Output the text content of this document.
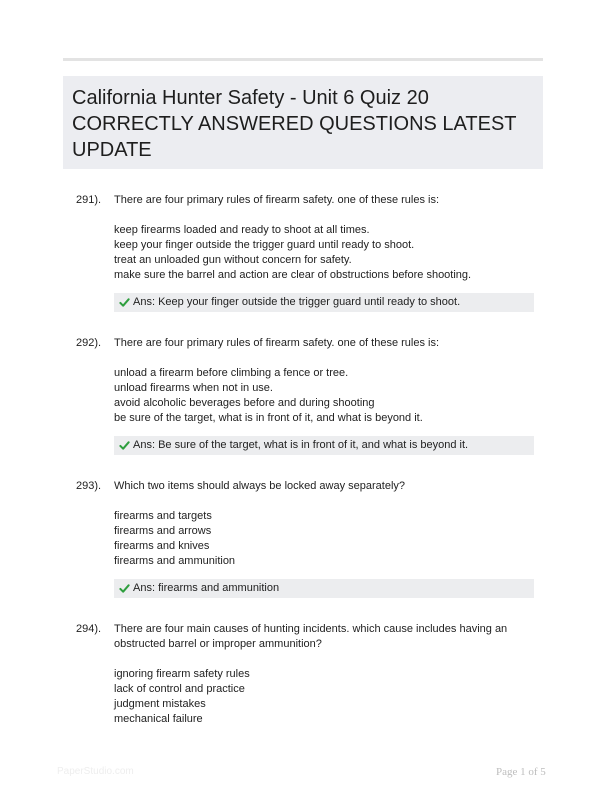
California Hunter Safety - Unit 6 Quiz 20
CORRECTLY ANSWERED QUESTIONS LATEST
UPDATE
291). There are four primary rules of firearm safety. one of these rules is:
keep firearms loaded and ready to shoot at all times.
keep your finger outside the trigger guard until ready to shoot.
treat an unloaded gun without concern for safety.
make sure the barrel and action are clear of obstructions before shooting.
Ans: Keep your finger outside the trigger guard until ready to shoot.
292). There are four primary rules of firearm safety. one of these rules is:
unload a firearm before climbing a fence or tree.
unload firearms when not in use.
avoid alcoholic beverages before and during shooting
be sure of the target, what is in front of it, and what is beyond it.
Ans: Be sure of the target, what is in front of it, and what is beyond it.
293). Which two items should always be locked away separately?
firearms and targets
firearms and arrows
firearms and knives
firearms and ammunition
Ans: firearms and ammunition
294). There are four main causes of hunting incidents. which cause includes having an obstructed barrel or improper ammunition?
ignoring firearm safety rules
lack of control and practice
judgment mistakes
mechanical failure
PaperStudio.com	Page 1 of 5
